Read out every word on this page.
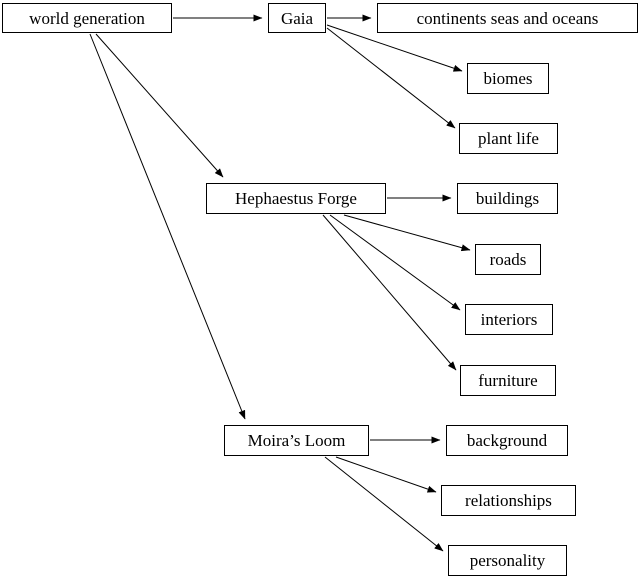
world generation	Gaia	continents seas and oceans
biomes
plant life
Hephaestus Forge	buildings
roads
interiors
furniture
Moira’s Loom	background
relationships
personality
